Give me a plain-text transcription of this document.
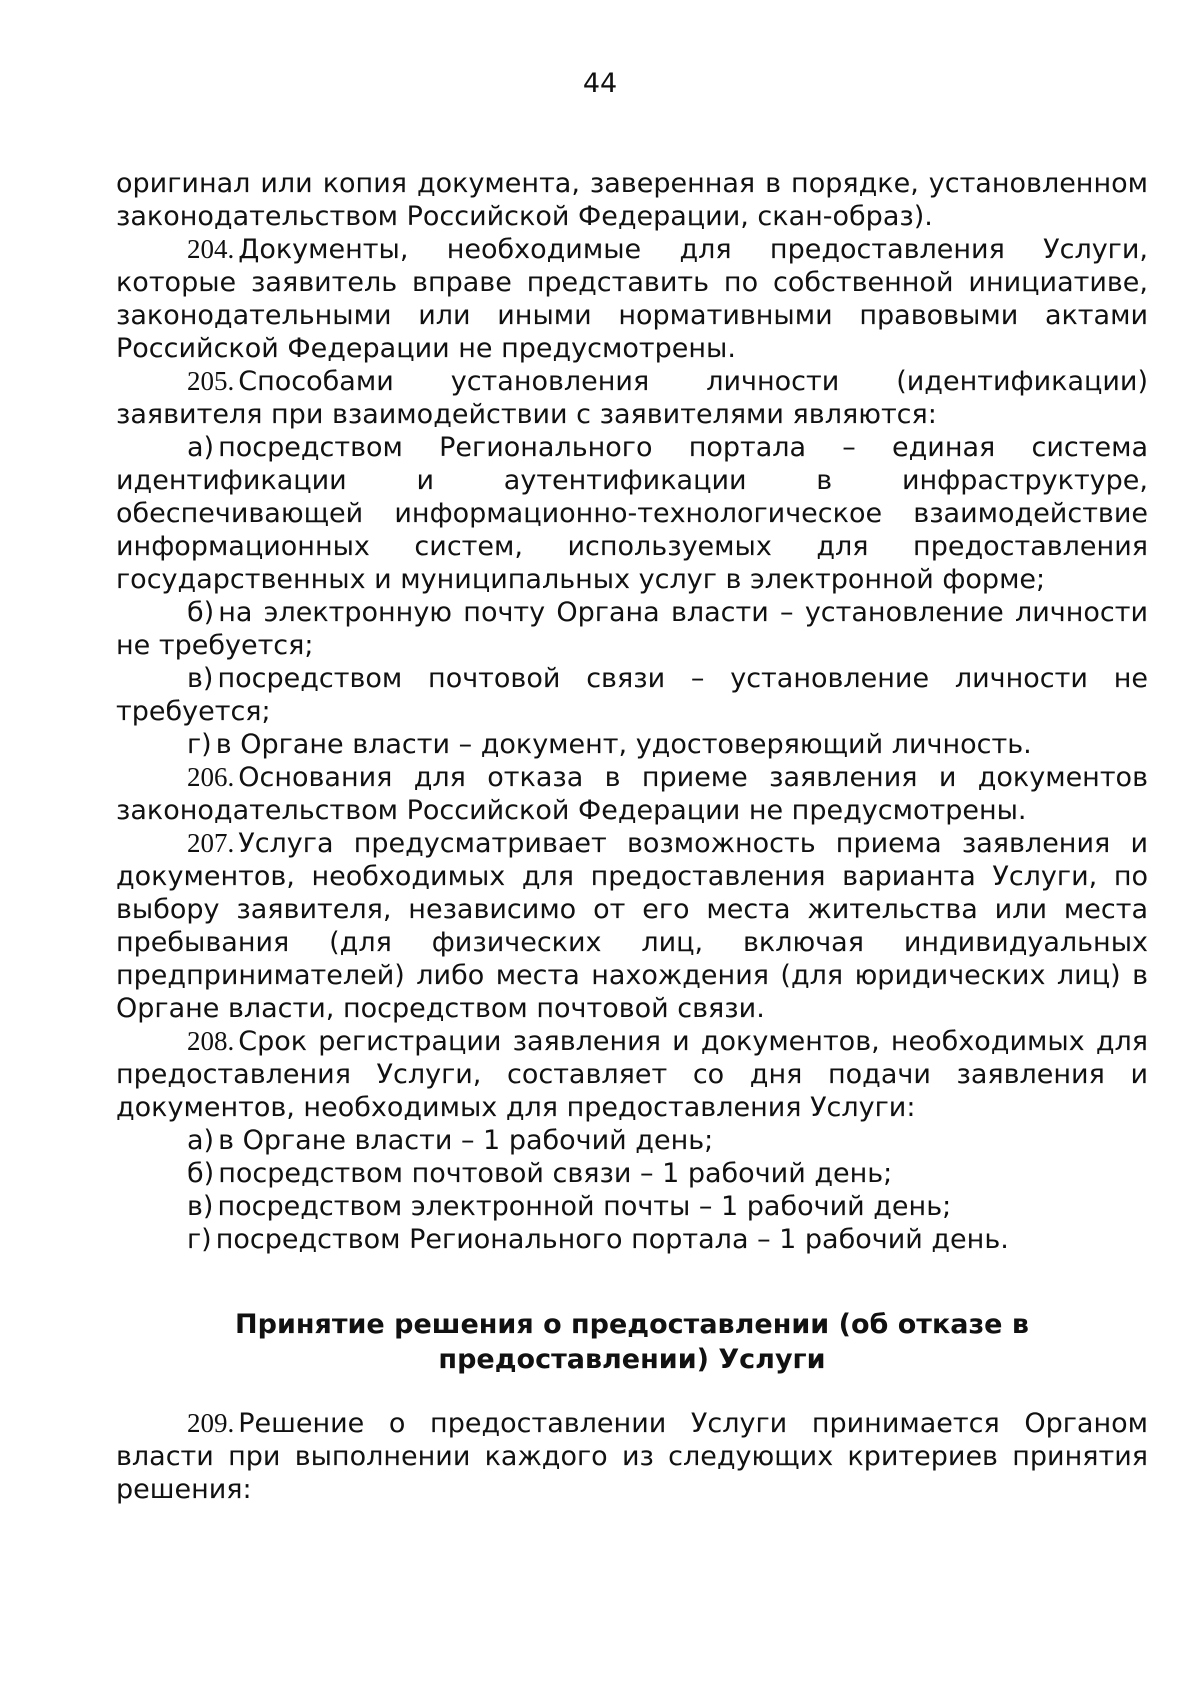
44

оригинал или копия документа, заверенная в порядке, установленном законодательством Российской Федерации, скан-образ).

204. Документы, необходимые для предоставления Услуги, которые заявитель вправе представить по собственной инициативе, законодательными или иными нормативными правовыми актами Российской Федерации не предусмотрены.

205. Способами установления личности (идентификации) заявителя при взаимодействии с заявителями являются:

а) посредством Регионального портала – единая система идентификации и аутентификации в инфраструктуре, обеспечивающей информационно-технологическое взаимодействие информационных систем, используемых для предоставления государственных и муниципальных услуг в электронной форме;

б) на электронную почту Органа власти – установление личности не требуется;

в) посредством почтовой связи – установление личности не требуется;

г) в Органе власти – документ, удостоверяющий личность.

206. Основания для отказа в приеме заявления и документов законодательством Российской Федерации не предусмотрены.

207. Услуга предусматривает возможность приема заявления и документов, необходимых для предоставления варианта Услуги, по выбору заявителя, независимо от его места жительства или места пребывания (для физических лиц, включая индивидуальных предпринимателей) либо места нахождения (для юридических лиц) в Органе власти, посредством почтовой связи.

208. Срок регистрации заявления и документов, необходимых для предоставления Услуги, составляет со дня подачи заявления и документов, необходимых для предоставления Услуги:

а) в Органе власти – 1 рабочий день;

б) посредством почтовой связи – 1 рабочий день;

в) посредством электронной почты – 1 рабочий день;

г) посредством Регионального портала – 1 рабочий день.

Принятие решения о предоставлении (об отказе в предоставлении) Услуги

209. Решение о предоставлении Услуги принимается Органом власти при выполнении каждого из следующих критериев принятия решения:
